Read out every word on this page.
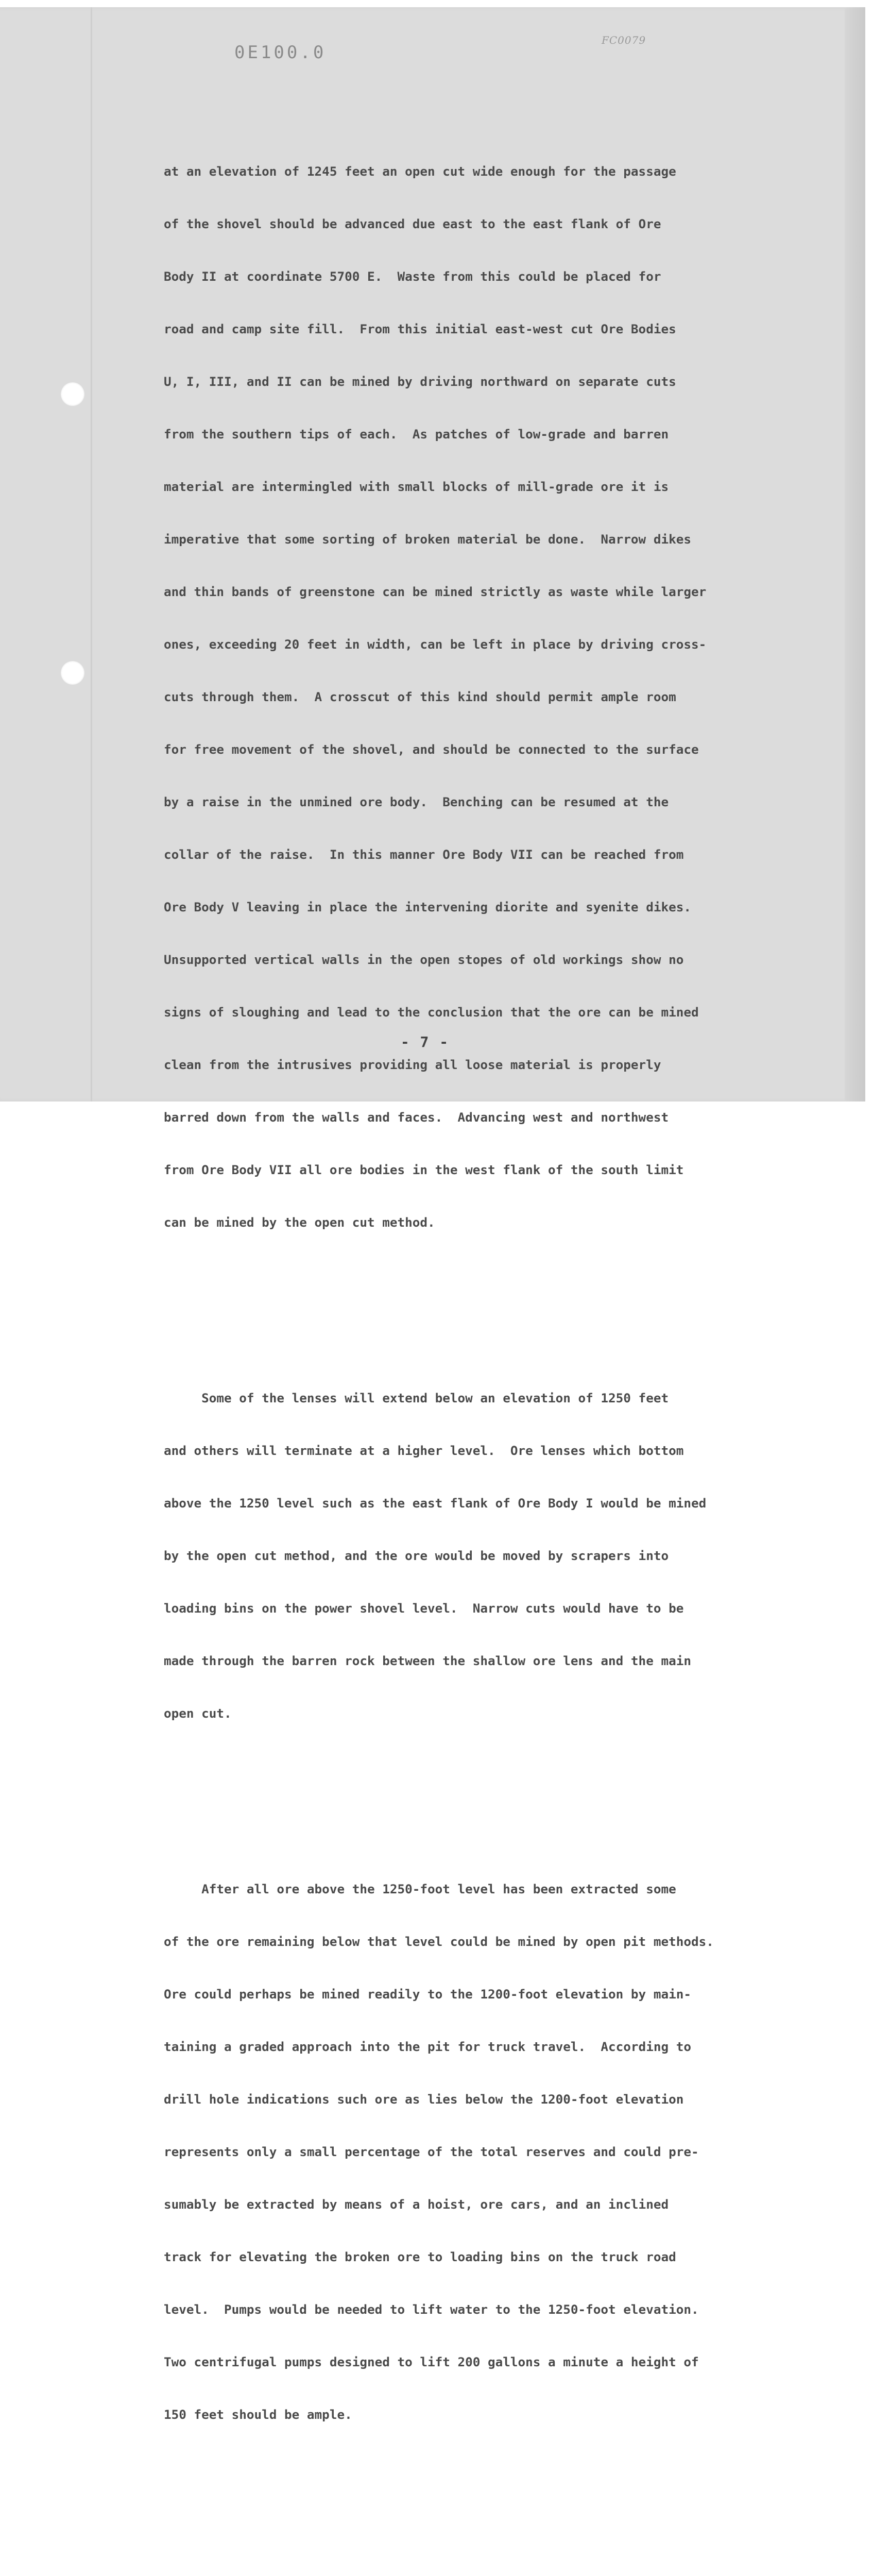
0E100.0
FC0079

at an elevation of 1245 feet an open cut wide enough for the passage

of the shovel should be advanced due east to the east flank of Ore

Body II at coordinate 5700 E.  Waste from this could be placed for

road and camp site fill.  From this initial east-west cut Ore Bodies

U, I, III, and II can be mined by driving northward on separate cuts

from the southern tips of each.  As patches of low-grade and barren

material are intermingled with small blocks of mill-grade ore it is

imperative that some sorting of broken material be done.  Narrow dikes

and thin bands of greenstone can be mined strictly as waste while larger

ones, exceeding 20 feet in width, can be left in place by driving cross-

cuts through them.  A crosscut of this kind should permit ample room

for free movement of the shovel, and should be connected to the surface

by a raise in the unmined ore body.  Benching can be resumed at the

collar of the raise.  In this manner Ore Body VII can be reached from

Ore Body V leaving in place the intervening diorite and syenite dikes.

Unsupported vertical walls in the open stopes of old workings show no

signs of sloughing and lead to the conclusion that the ore can be mined

clean from the intrusives providing all loose material is properly

barred down from the walls and faces.  Advancing west and northwest

from Ore Body VII all ore bodies in the west flank of the south limit

can be mined by the open cut method.

Some of the lenses will extend below an elevation of 1250 feet

and others will terminate at a higher level.  Ore lenses which bottom

above the 1250 level such as the east flank of Ore Body I would be mined

by the open cut method, and the ore would be moved by scrapers into

loading bins on the power shovel level.  Narrow cuts would have to be

made through the barren rock between the shallow ore lens and the main

open cut.

After all ore above the 1250-foot level has been extracted some

of the ore remaining below that level could be mined by open pit methods.

Ore could perhaps be mined readily to the 1200-foot elevation by main-

taining a graded approach into the pit for truck travel.  According to

drill hole indications such ore as lies below the 1200-foot elevation

represents only a small percentage of the total reserves and could pre-

sumably be extracted by means of a hoist, ore cars, and an inclined

track for elevating the broken ore to loading bins on the truck road

level.  Pumps would be needed to lift water to the 1250-foot elevation.

Two centrifugal pumps designed to lift 200 gallons a minute a height of

150 feet should be ample.

- 7 -
